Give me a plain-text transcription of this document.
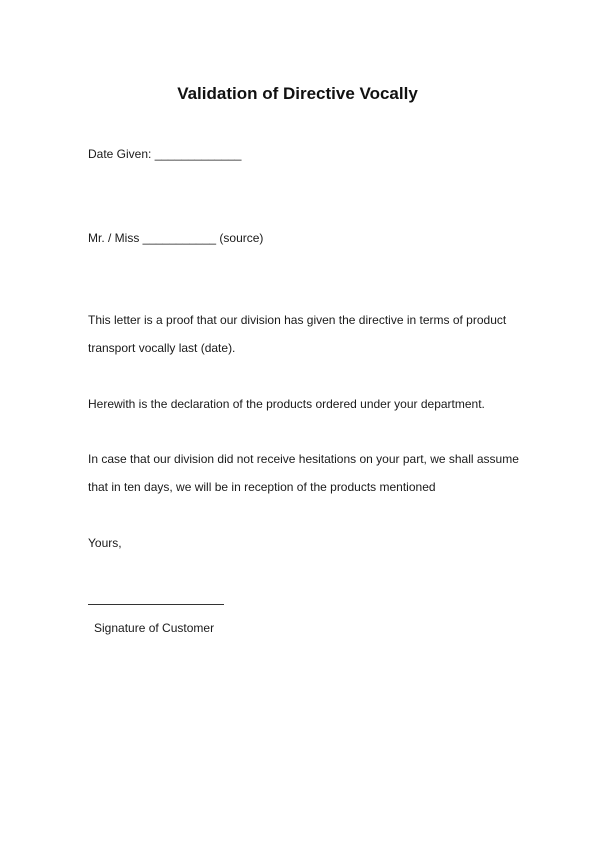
Validation of Directive Vocally
Date Given: _____________
Mr. / Miss ___________ (source)
This letter is a proof that our division has given the directive in terms of product
transport vocally last (date).
Herewith is the declaration of the products ordered under your department.
In case that our division did not receive hesitations on your part, we shall assume
that in ten days, we will be in reception of the products mentioned
Yours,
Signature of Customer
